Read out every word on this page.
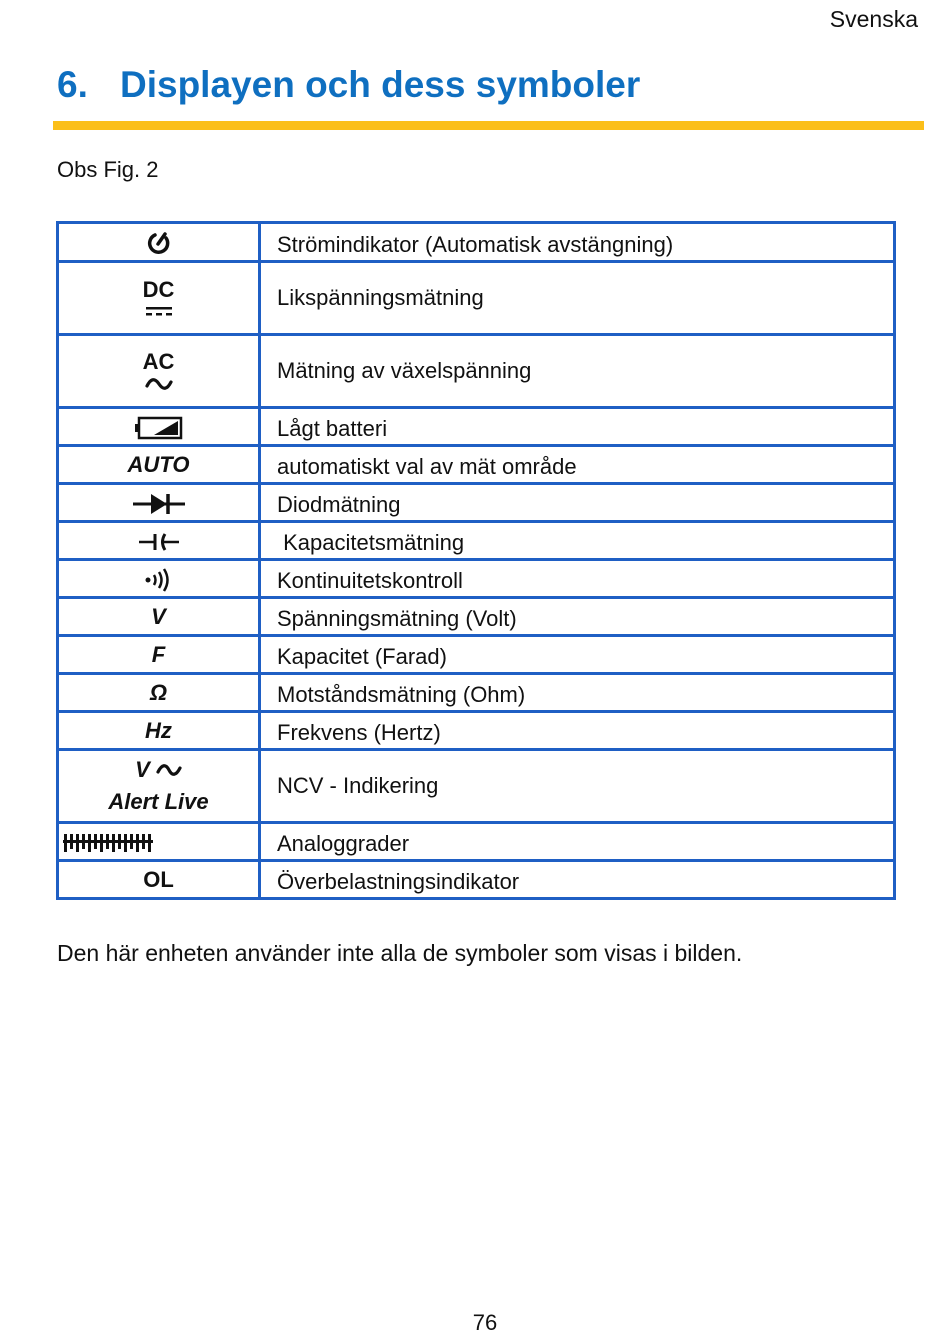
Svenska
6. Displayen och dess symboler
Obs Fig. 2
	Strömindikator (Automatisk avstängning)

DC	Likspänningsmätning

AC	Mätning av växelspänning

	Lågt batteri
AUTO	automatiskt val av mät område

	Diodmätning

	Kapacitetsmätning

	Kontinuitetskontroll
V	Spänningsmätning (Volt)
F	Kapacitet (Farad)
Ω	Motståndsmätning (Ohm)
Hz	Frekvens (Hertz)

V
Alert Live	NCV - Indikering

	Analoggrader
OL	Överbelastningsindikator
Den här enheten använder inte alla de symboler som visas i bilden.
76
